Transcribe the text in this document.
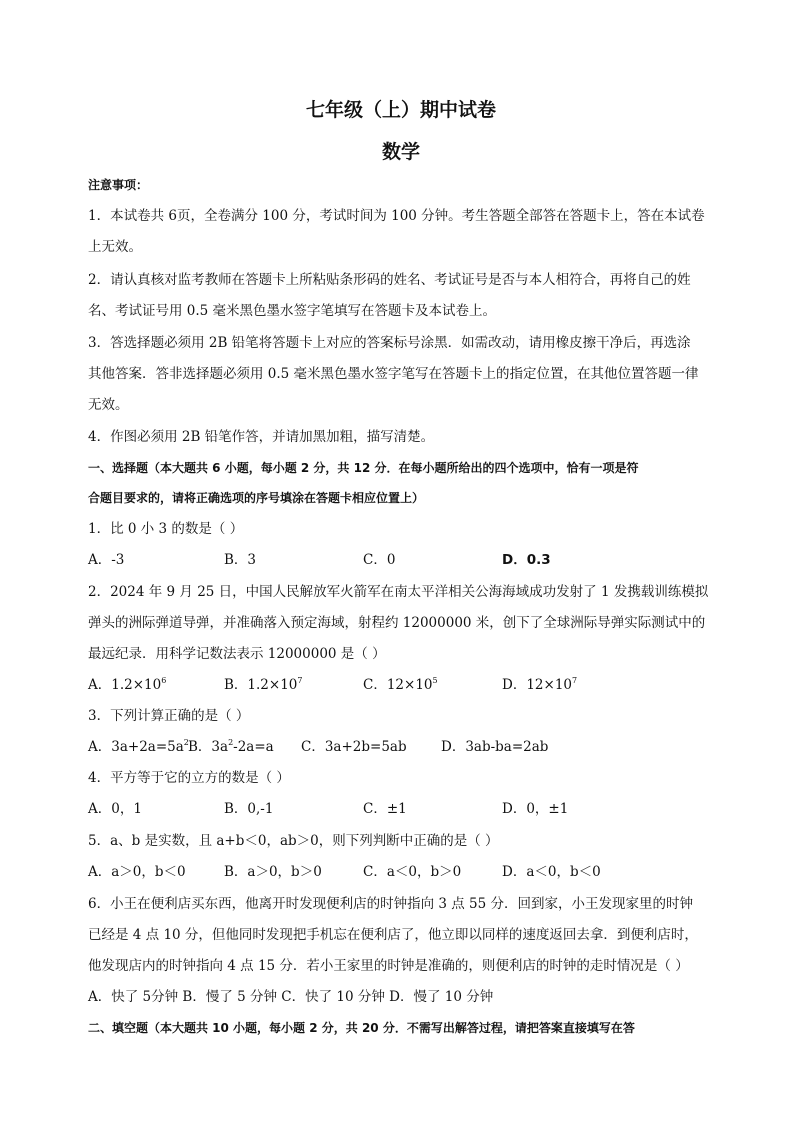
七年级（上）期中试卷
数学
注意事项：
1．本试卷共 6页，全卷满分 100 分，考试时间为 100 分钟。考生答题全部答在答题卡上，答在本试卷
上无效。
2．请认真核对监考教师在答题卡上所粘贴条形码的姓名、考试证号是否与本人相符合，再将自己的姓
名、考试证号用 0.5 毫米黑色墨水签字笔填写在答题卡及本试卷上。
3．答选择题必须用 2B 铅笔将答题卡上对应的答案标号涂黑．如需改动，请用橡皮擦干净后，再选涂
其他答案．答非选择题必须用 0.5 毫米黑色墨水签字笔写在答题卡上的指定位置，在其他位置答题一律
无效。
4．作图必须用 2B 铅笔作答，并请加黑加粗，描写清楚。
一、选择题（本大题共 6 小题，每小题 2 分，共 12 分．在每小题所给出的四个选项中，恰有一项是符
合题目要求的，请将正确选项的序号填涂在答题卡相应位置上）
1．比 0 小 3 的数是（ ）
A．-3	B．3	C．0	D．0.3
2．2024 年 9 月 25 日，中国人民解放军火箭军在南太平洋相关公海海域成功发射了 1 发携载训练模拟
弹头的洲际弹道导弹，并准确落入预定海域，射程约 12000000 米，创下了全球洲际导弹实际测试中的
最远纪录．用科学记数法表示 12000000 是（ ）
A．$1.2\times 10^6$	B．$1.2\times 10^7$	C．$12\times 10^5$	D．$12\times 10^7$
3．下列计算正确的是（ ）
A．$3a+2a=5a^2$ B．$3a^2-2a=a$ C．3a+2b=5ab	D．3ab-ba=2ab
4．平方等于它的立方的数是（ ）
A．0，1	B．0,-1	C．±1	D．0，±1
5．a、b 是实数，且 a+b＜0，ab＞0，则下列判断中正确的是（ ）
A．a＞0，b＜0	B．a＞0，b＞0	C．a＜0，b＞0	D．a＜0，b＜0
6．小王在便利店买东西，他离开时发现便利店的时钟指向 3 点 55 分．回到家，小王发现家里的时钟
已经是 4 点 10 分，但他同时发现把手机忘在便利店了，他立即以同样的速度返回去拿．到便利店时，
他发现店内的时钟指向 4 点 15 分．若小王家里的时钟是准确的，则便利店的时钟的走时情况是（ ）
A．快了 5分钟 B．慢了 5 分钟 C．快了 10 分钟 D．慢了 10 分钟
二、填空题（本大题共 10 小题，每小题 2 分，共 20 分．不需写出解答过程，请把答案直接填写在答
